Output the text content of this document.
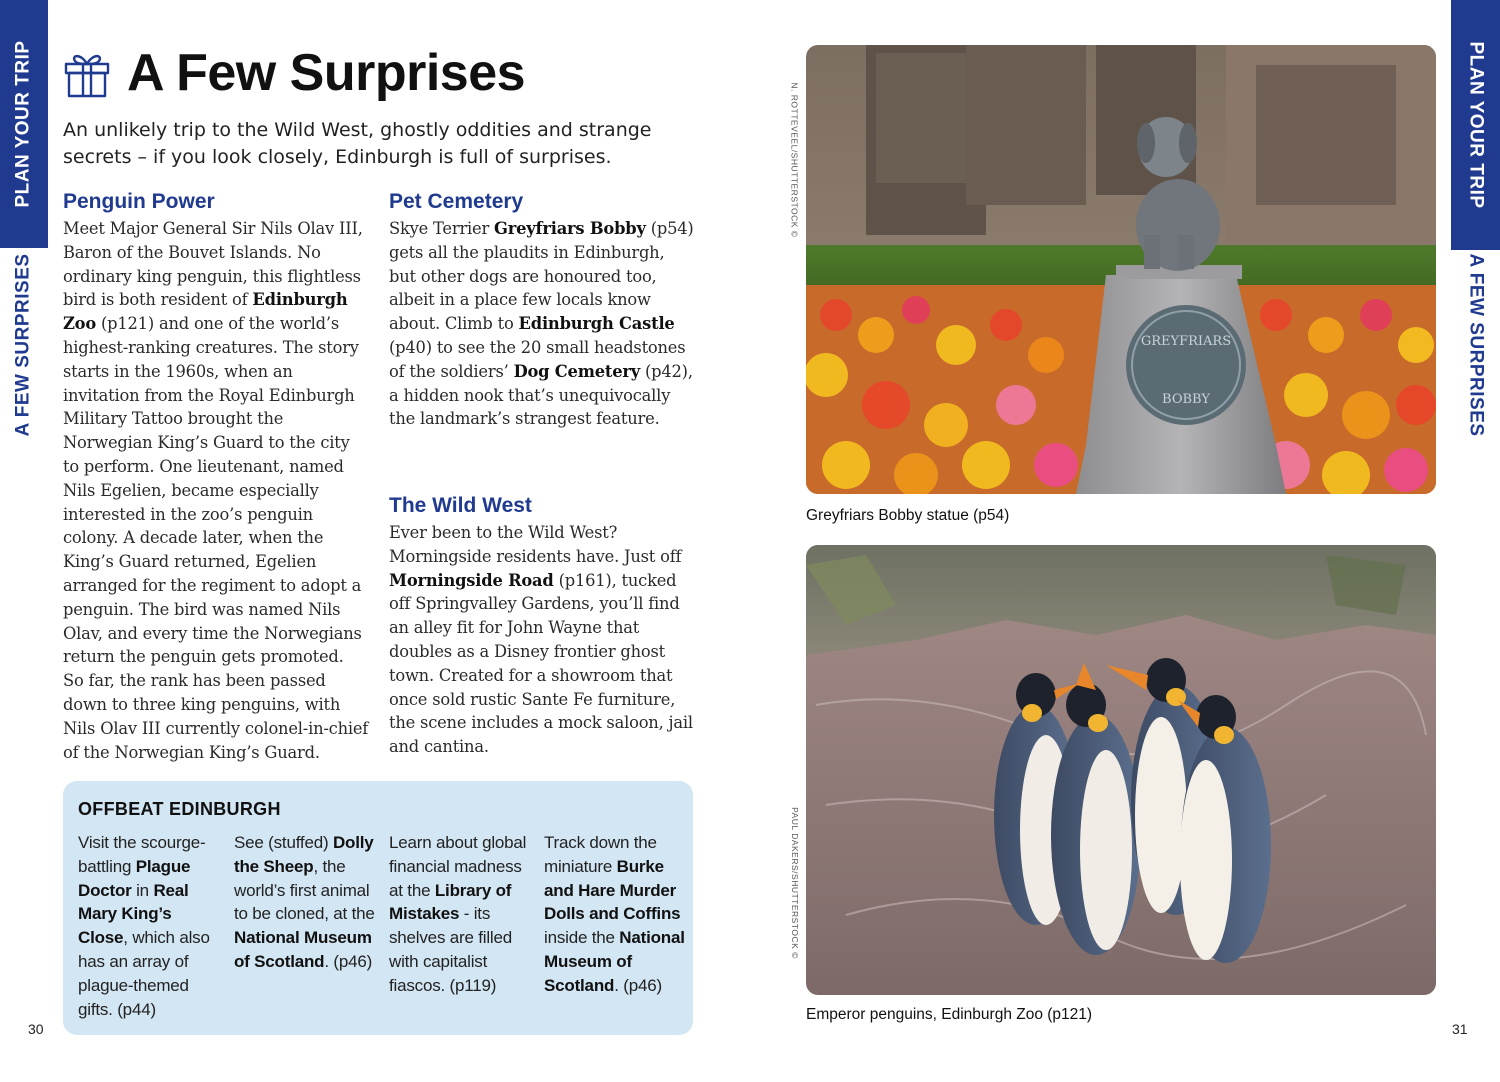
PLAN YOUR TRIP
A FEW SURPRISES
A Few Surprises
An unlikely trip to the Wild West, ghostly oddities and strange secrets – if you look closely, Edinburgh is full of surprises.
Penguin Power

Meet Major General Sir Nils Olav III, Baron of the Bouvet Islands. No ordinary king penguin, this flightless bird is both resident of Edinburgh Zoo (p121) and one of the world’s highest-ranking creatures. The story starts in the 1960s, when an invitation from the Royal Edinburgh Military Tattoo brought the Norwegian King’s Guard to the city to perform. One lieutenant, named Nils Egelien, became especially interested in the zoo’s penguin colony. A decade later, when the King’s Guard returned, Egelien arranged for the regiment to adopt a penguin. The bird was named Nils Olav, and every time the Norwegians return the penguin gets promoted. So far, the rank has been passed down to three king penguins, with Nils Olav III currently colonel-in-chief of the Norwegian King’s Guard.

Pet Cemetery

Skye Terrier Greyfriars Bobby (p54) gets all the plaudits in Edinburgh, but other dogs are honoured too, albeit in a place few locals know about. Climb to Edinburgh Castle (p40) to see the 20 small headstones of the soldiers’ Dog Cemetery (p42), a hidden nook that’s unequivocally the landmark’s strangest feature.

The Wild West

Ever been to the Wild West? Morningside residents have. Just off Morningside Road (p161), tucked off Springvalley Gardens, you’ll find an alley fit for John Wayne that doubles as a Disney frontier ghost town. Created for a showroom that once sold rustic Sante Fe furniture, the scene includes a mock saloon, jail and cantina.

OFFBEAT EDINBURGH
Visit the scourge-battling Plague Doctor in Real Mary King’s Close, which also has an array of plague-themed gifts. (p44)
See (stuffed) Dolly the Sheep, the world’s first animal to be cloned, at the National Museum of Scotland. (p46)
Learn about global financial madness at the Library of Mistakes - its shelves are filled with capitalist fiascos. (p119)
Track down the miniature Burke and Hare Murder Dolls and Coffins inside the National Museum of Scotland. (p46)
30
N. ROTTEVEEL/SHUTTERSTOCK ©
GREYFRIARS
BOBBY
Greyfriars Bobby statue (p54)
PAUL DAKERS/SHUTTERSTOCK ©
Emperor penguins, Edinburgh Zoo (p121)
PLAN YOUR TRIP
A FEW SURPRISES
31
